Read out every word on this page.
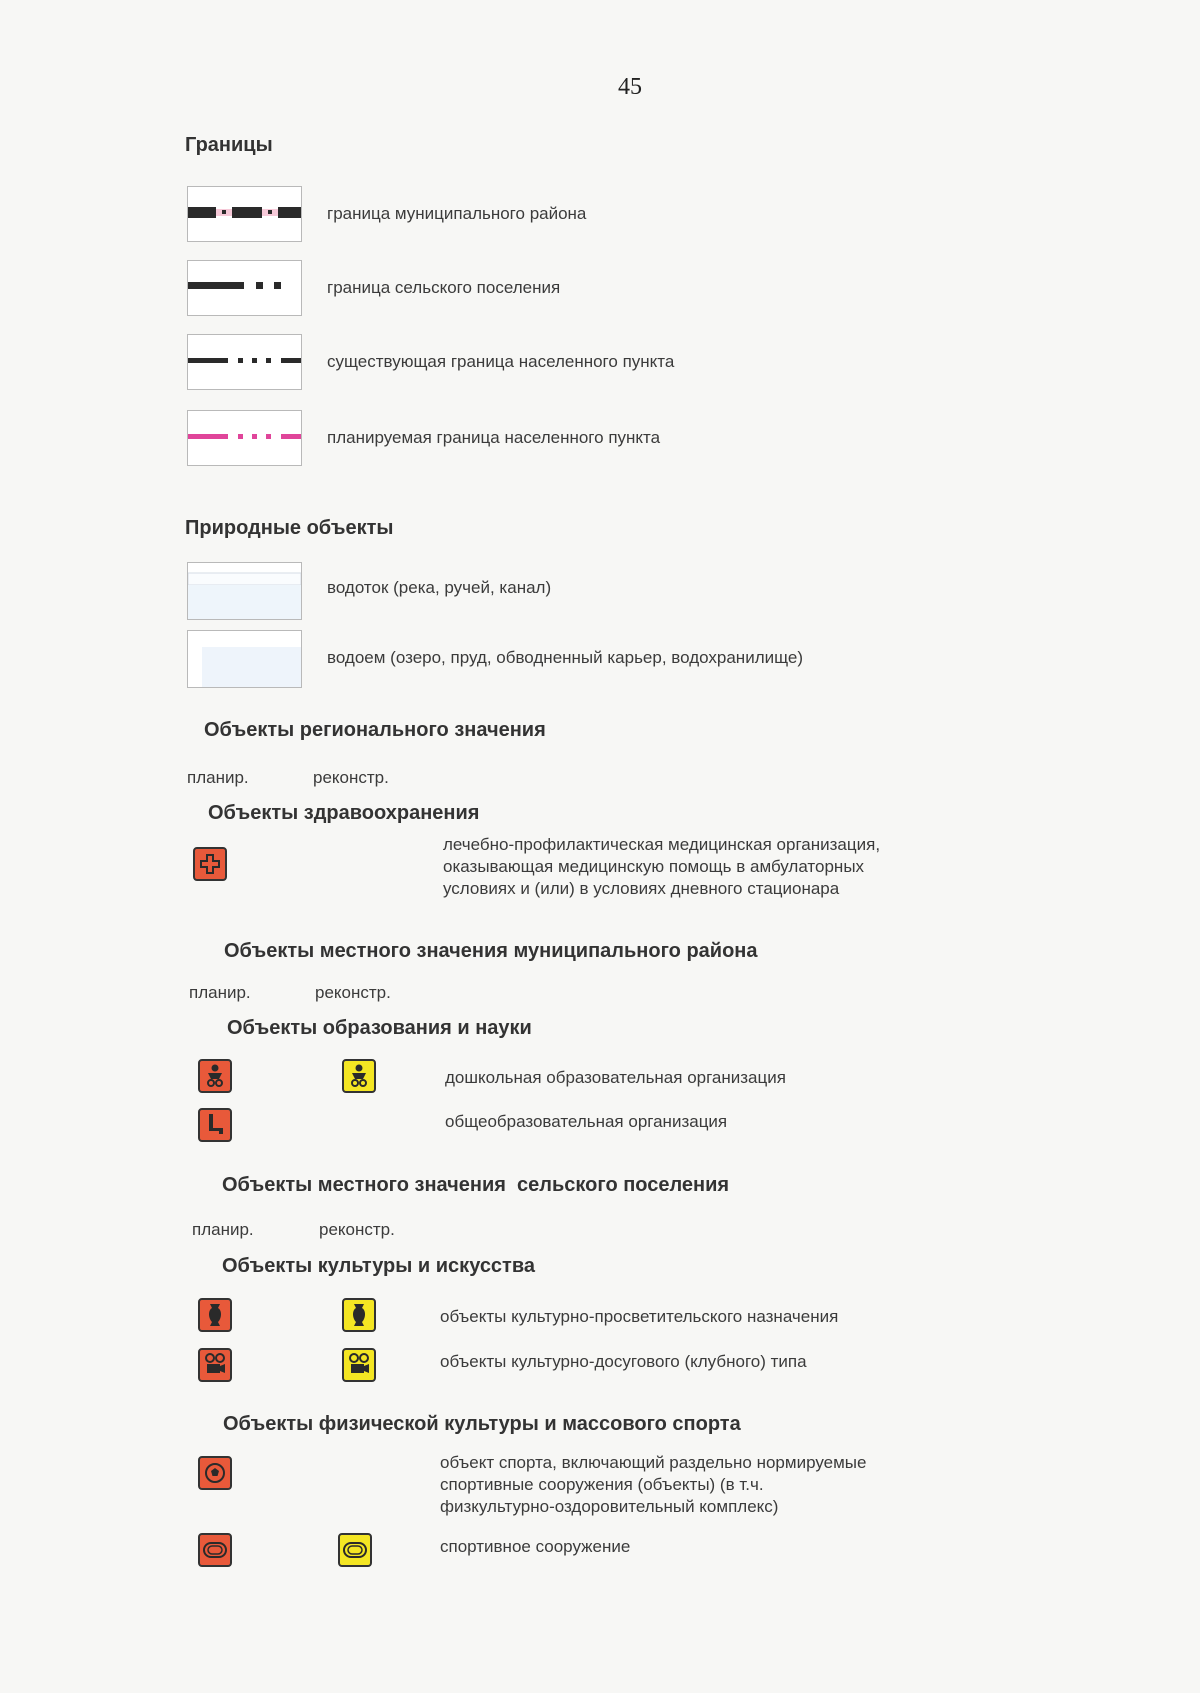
45
Границы
граница муниципального района
граница сельского поселения
существующая граница населенного пункта
планируемая граница населенного пункта
Природные объекты
водоток (река, ручей, канал)
водоем (озеро, пруд, обводненный карьер, водохранилище)
Объекты регионального значения
планир.	реконстр.
Объекты здравоохранения
лечебно-профилактическая медицинская организация,
оказывающая медицинскую помощь в амбулаторных
условиях и (или) в условиях дневного стационара
Объекты местного значения муниципального района
планир.	реконстр.
Объекты образования и науки
дошкольная образовательная организация
общеобразовательная организация
Объекты местного значения  сельского поселения
планир.	реконстр.
Объекты культуры и искусства
объекты культурно-просветительского назначения
объекты культурно-досугового (клубного) типа
Объекты физической культуры и массового спорта
объект спорта, включающий раздельно нормируемые
спортивные сооружения (объекты) (в т.ч.
физкультурно-оздоровительный комплекс)
спортивное сооружение
